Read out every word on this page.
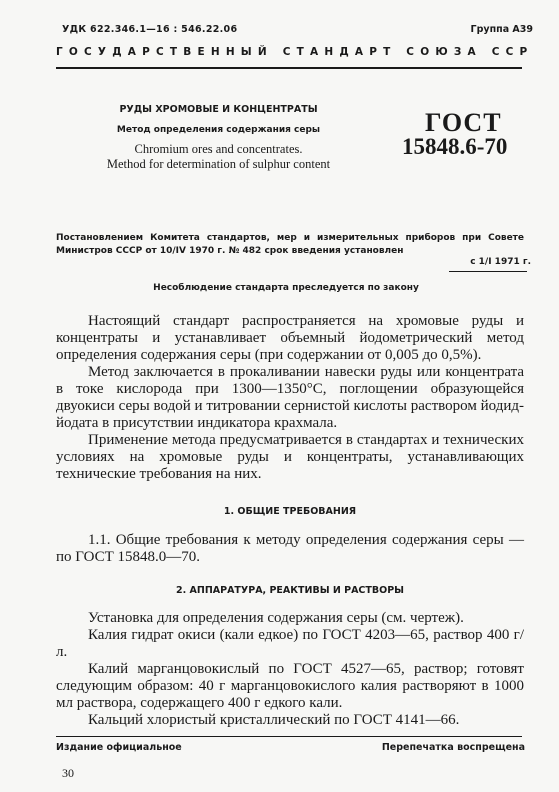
УДК 622.346.1—16 : 546.22.06	Группа А39
ГОСУДАРСТВЕННЫЙ СТАНДАРТ СОЮЗА ССР
РУДЫ ХРОМОВЫЕ И КОНЦЕНТРАТЫ
Метод определения содержания серы
Chromium ores and concentrates.
Method for determination of sulphur content
ГОСТ
15848.6-70
Постановлением Комитета стандартов, мер и измерительных приборов при Совете Министров СССР от 10/IV 1970 г. № 482 срок введения установлен
с 1/I 1971 г.
Несоблюдение стандарта преследуется по закону

Настоящий стандарт распространяется на хромовые руды и концентраты и устанавливает объемный йодометрический метод определения содержания серы (при содержании от 0,005 до 0,5%).

Метод заключается в прокаливании навески руды или концентрата в токе кислорода при 1300—1350°С, поглощении образующейся двуокиси серы водой и титровании сернистой кислоты раствором йодид-йодата в присутствии индикатора крахмала.

Применение метода предусматривается в стандартах и технических условиях на хромовые руды и концентраты, устанавливающих технические требования на них.

1. ОБЩИЕ ТРЕБОВАНИЯ

1.1. Общие требования к методу определения содержания серы — по ГОСТ 15848.0—70.

2. АППАРАТУРА, РЕАКТИВЫ И РАСТВОРЫ

Установка для определения содержания серы (см. чертеж).

Калия гидрат окиси (кали едкое) по ГОСТ 4203—65, раствор 400 г/л.

Калий марганцовокислый по ГОСТ 4527—65, раствор; готовят следующим образом: 40 г марганцовокислого калия растворяют в 1000 мл раствора, содержащего 400 г едкого кали.

Кальций хлористый кристаллический по ГОСТ 4141—66.

Издание официальное	Перепечатка воспрещена
30
